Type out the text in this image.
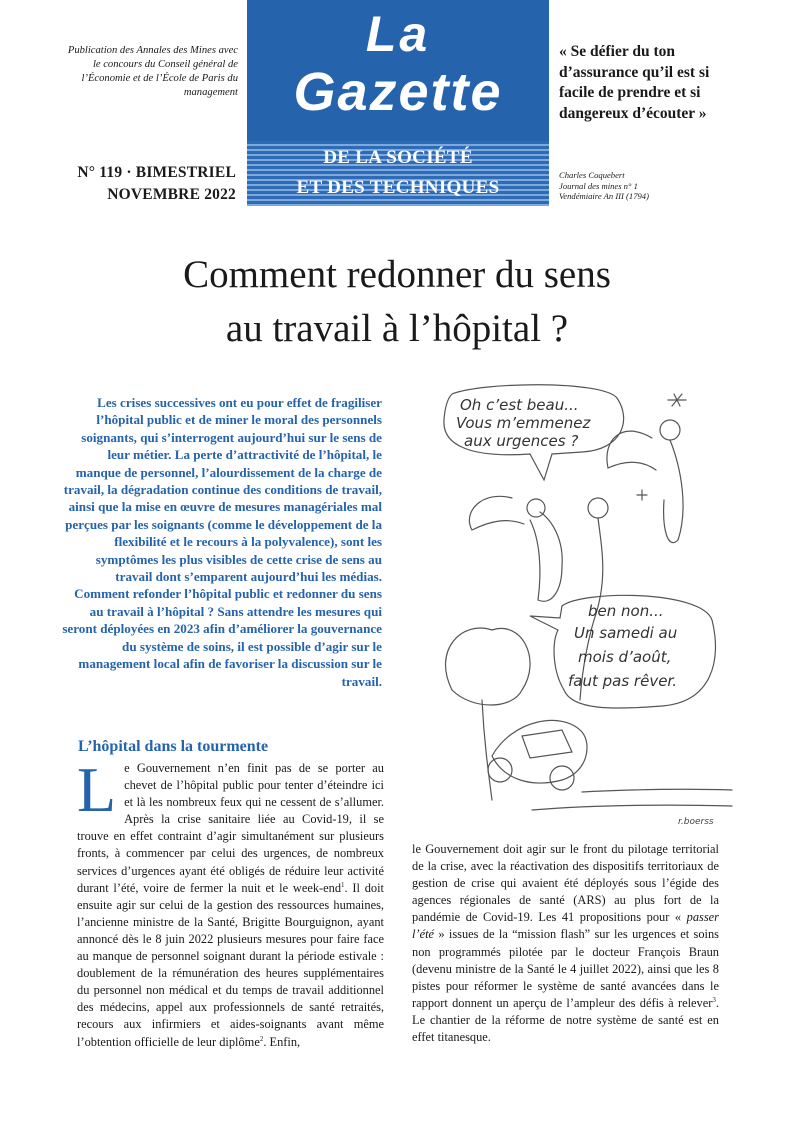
Publication des Annales des Mines avec le concours du Conseil général de l’Économie et de l’École de Paris du management
N° 119 · BIMESTRIEL
NOVEMBRE 2022
La
Gazette
DE LA SOCIÉTÉ
ET DES TECHNIQUES
« Se défier du ton d’assurance qu’il est si facile de prendre et si dangereux d’écouter »
Charles Coquebert
Journal des mines n° 1
Vendémiaire An III (1794)
Comment redonner du sens
au travail à l’hôpital ?
Les crises successives ont eu pour effet de fragiliser l’hôpital public et de miner le moral des personnels soignants, qui s’interrogent aujourd’hui sur le sens de leur métier. La perte d’attractivité de l’hôpital, le manque de personnel, l’alourdissement de la charge de travail, la dégradation continue des conditions de travail, ainsi que la mise en œuvre de mesures managériales mal perçues par les soignants (comme le développement de la flexibilité et le recours à la polyvalence), sont les symptômes les plus visibles de cette crise de sens au travail dont s’emparent aujourd’hui les médias. Comment refonder l’hôpital public et redonner du sens au travail à l’hôpital ? Sans attendre les mesures qui seront déployées en 2023 afin d’améliorer la gouvernance du système de soins, il est possible d’agir sur le management local afin de favoriser la discussion sur le travail.
Oh c’est beau...
Vous m’emmenez
aux urgences ?
ben non...
Un samedi au
mois d’août,
faut pas rêver.
r.boerss
L’hôpital dans la tourmente
Le Gouvernement n’en finit pas de se porter au chevet de l’hôpital public pour tenter d’éteindre ici et là les nombreux feux qui ne cessent de s’allumer. Après la crise sanitaire liée au Covid-19, il se trouve en effet contraint d’agir simultanément sur plusieurs fronts, à commencer par celui des urgences, de nombreux services d’urgences ayant été obligés de réduire leur activité durant l’été, voire de fermer la nuit et le week-end$^1$. Il doit ensuite agir sur celui de la gestion des ressources humaines, l’ancienne ministre de la Santé, Brigitte Bourguignon, ayant annoncé dès le 8 juin 2022 plusieurs mesures pour faire face au manque de personnel soignant durant la période estivale : doublement de la rémunération des heures supplémentaires du personnel non médical et du temps de travail additionnel des médecins, appel aux professionnels de santé retraités, recours aux infirmiers et aides-soignants avant même l’obtention officielle de leur diplôme$^2$. Enfin,
le Gouvernement doit agir sur le front du pilotage territorial de la crise, avec la réactivation des dispositifs territoriaux de gestion de crise qui avaient été déployés sous l’égide des agences régionales de santé (ARS) au plus fort de la pandémie de Covid-19. Les 41 propositions pour « passer l’été » issues de la “mission flash” sur les urgences et soins non programmés pilotée par le docteur François Braun (devenu ministre de la Santé le 4 juillet 2022), ainsi que les 8 pistes pour réformer le système de santé avancées dans le rapport donnent un aperçu de l’ampleur des défis à relever$^3$. Le chantier de la réforme de notre système de santé est en effet titanesque.
